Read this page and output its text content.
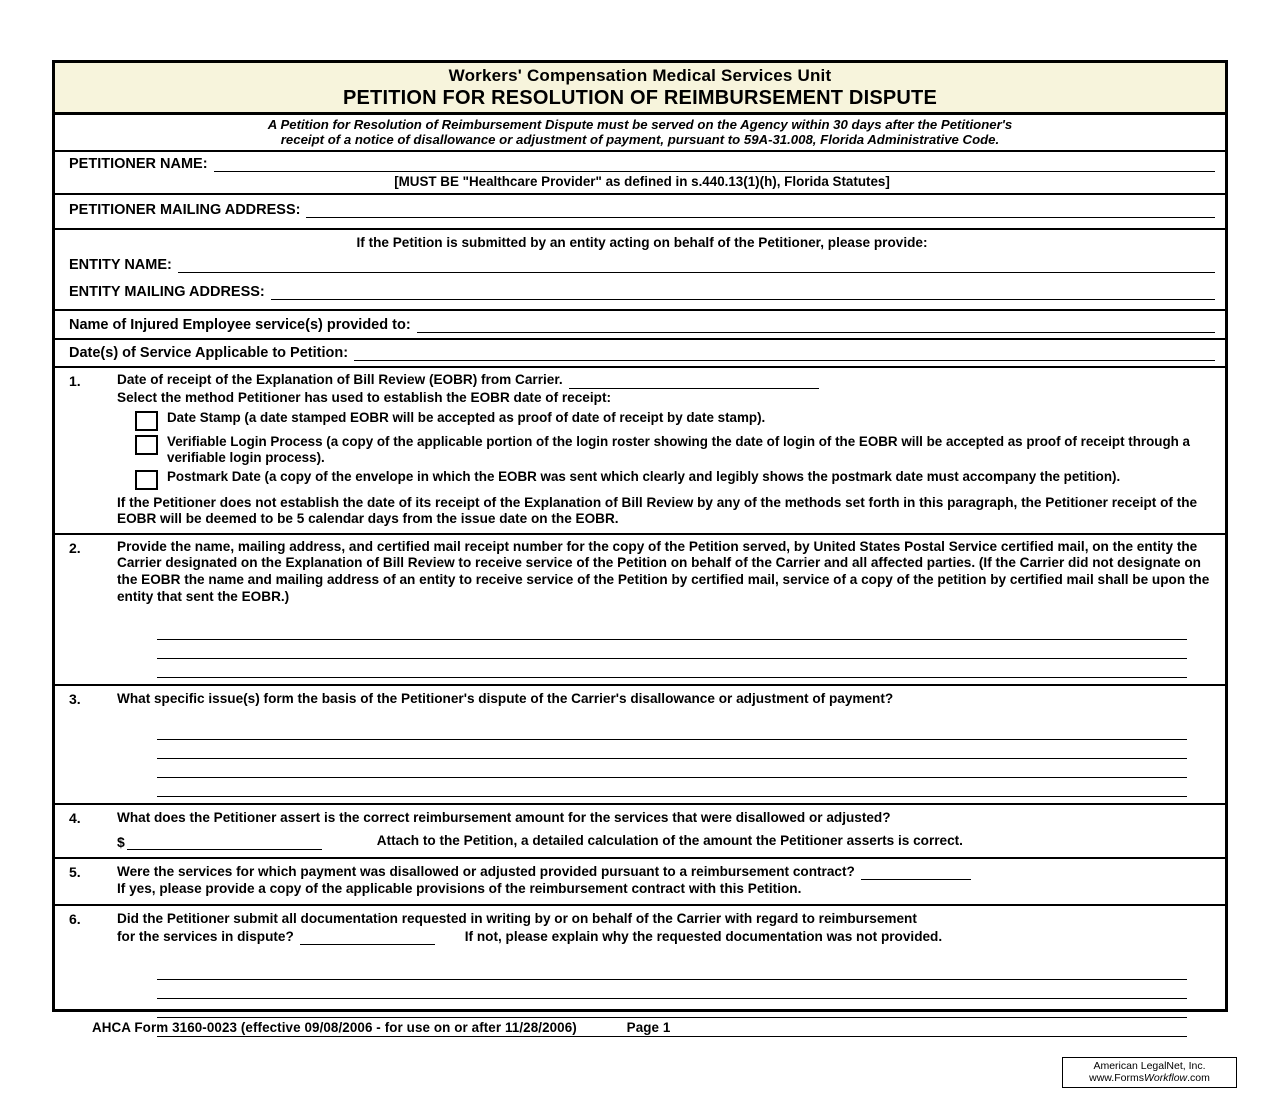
Workers' Compensation Medical Services Unit
PETITION FOR RESOLUTION OF REIMBURSEMENT DISPUTE
A Petition for Resolution of Reimbursement Dispute must be served on the Agency within 30 days after the Petitioner's
receipt of a notice of disallowance or adjustment of payment, pursuant to 59A-31.008, Florida Administrative Code.
PETITIONER NAME:
[MUST BE "Healthcare Provider" as defined in s.440.13(1)(h), Florida Statutes]
PETITIONER MAILING ADDRESS:
If the Petition is submitted by an entity acting on behalf of the Petitioner, please provide:
ENTITY NAME:
ENTITY MAILING ADDRESS:
Name of Injured Employee service(s) provided to:
Date(s) of Service Applicable to Petition:
1.	Date of receipt of the Explanation of Bill Review (EOBR) from Carrier.
Select the method Petitioner has used to establish the EOBR date of receipt:
Date Stamp (a date stamped EOBR will be accepted as proof of date of receipt by date stamp).
Verifiable Login Process (a copy of the applicable portion of the login roster showing the date of login of the EOBR will be accepted as proof of receipt through a verifiable login process).
Postmark Date (a copy of the envelope in which the EOBR was sent which clearly and legibly shows the postmark date must accompany the petition).
If the Petitioner does not establish the date of its receipt of the Explanation of Bill Review by any of the methods set forth in this paragraph, the Petitioner receipt of the EOBR will be deemed to be 5 calendar days from the issue date on the EOBR.
2.	Provide the name, mailing address, and certified mail receipt number for the copy of the Petition served, by United States Postal Service certified mail, on the entity the Carrier designated on the Explanation of Bill Review to receive service of the Petition on behalf of the Carrier and all affected parties. (If the Carrier did not designate on the EOBR the name and mailing address of an entity to receive service of the Petition by certified mail, service of a copy of the petition by certified mail shall be upon the entity that sent the EOBR.)
3.	What specific issue(s) form the basis of the Petitioner's dispute of the Carrier's disallowance or adjustment of payment?
4.	What does the Petitioner assert is the correct reimbursement amount for the services that were disallowed or adjusted?
$	Attach to the Petition, a detailed calculation of the amount the Petitioner asserts is correct.
5.	Were the services for which payment was disallowed or adjusted provided pursuant to a reimbursement contract?
If yes, please provide a copy of the applicable provisions of the reimbursement contract with this Petition.
6.	Did the Petitioner submit all documentation requested in writing by or on behalf of the Carrier with regard to reimbursement
for the services in dispute?	If not, please explain why the requested documentation was not provided.
AHCA Form 3160-0023 (effective 09/08/2006 - for use on or after 11/28/2006)	Page 1
American LegalNet, Inc.
www.FormsWorkflow.com
